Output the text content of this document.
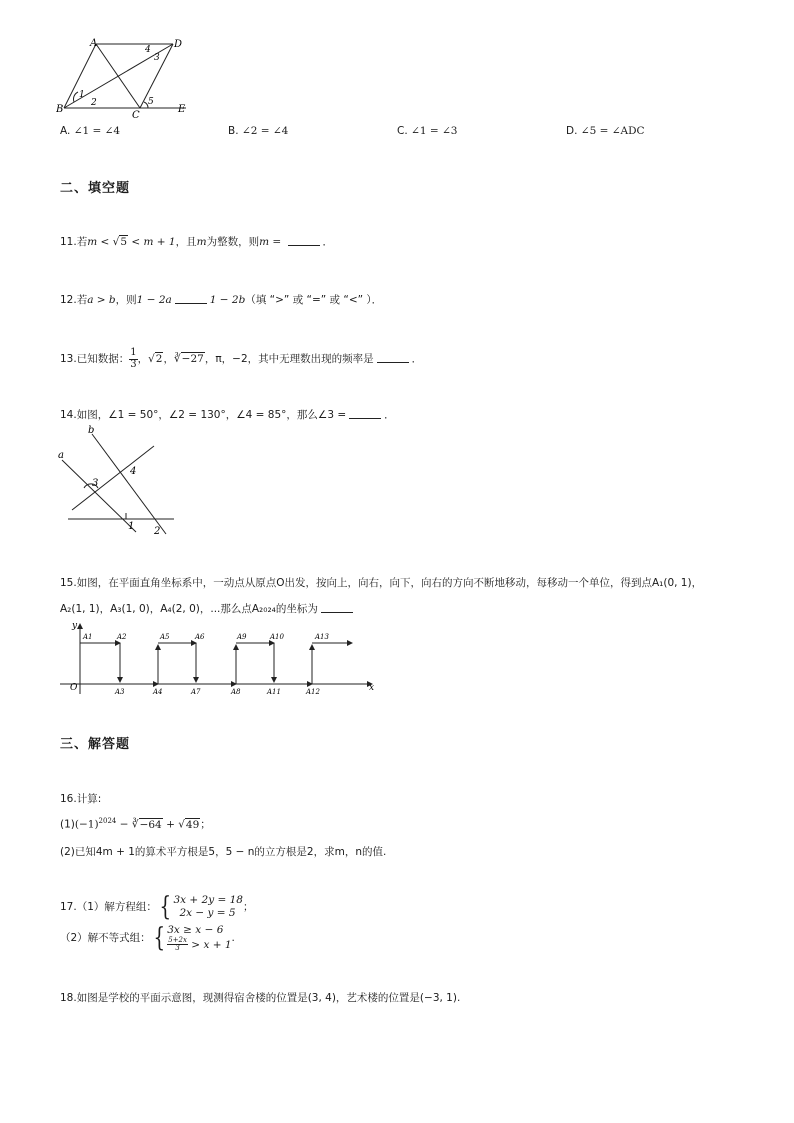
A	D
B
C
E
1
2
3
4
5
A. ∠1 = ∠4	B. ∠2 = ∠4	C. ∠1 = ∠3	D. ∠5 = ∠ADC
二、填空题
11.若m < √5 < m + 1，且m为整数，则m =	．
12.若a > b，则1 − 2a	1 − 2b（填 “>” 或 “=” 或 “<” ）．
13.已知数据： $\frac{1}{3}$ ，√2，∛−27，π，−2，其中无理数出现的频率是	．
14.如图，∠1 = 50°，∠2 = 130°，∠4 = 85°，那么∠3 =	．
b
a
3
4
1 2
15.如图，在平面直角坐标系中，一动点从原点O出发，按向上，向右，向下，向右的方向不断地移动，每移动一个单位，得到点A₁(0, 1)，
A₂(1, 1)，A₃(1, 0)，A₄(2, 0)，...那么点A₂₀₂₄的坐标为
x
y
O
A1	A2	A5	A6	A9	A10	A13
A3	A4	A7	A8	A11	A12
三、解答题
16.计算:
$(1)(-1)^{2024}$ − ∛−64 + √49；
(2)已知4m + 1的算术平方根是5，5 − n的立方根是2，求m，n的值.
17.（1）解方程组： { 3x + 2y = 18
2x − y = 5
；
（2）解不等式组： { 3x ≥ x − 6
$\frac{5+2x}{3} > x + 1$
.
18.如图是学校的平面示意图，现测得宿舍楼的位置是(3, 4)，艺术楼的位置是(−3, 1).
